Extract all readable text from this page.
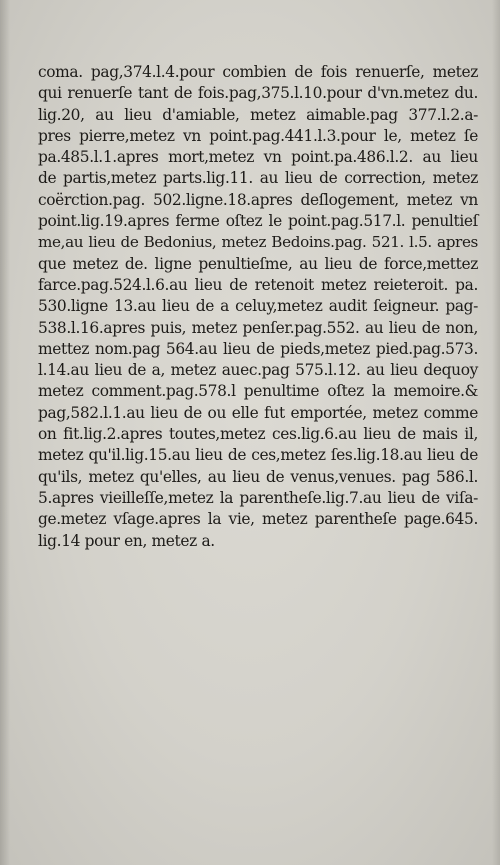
coma. pag,374.l.4.pour combien de fois renuerſe, metez
qui renuerſe tant de fois.pag,375.l.10.pour d'vn.metez du.
lig.20, au lieu d'amiable, metez aimable.pag 377.l.2.a-
pres pierre,metez vn point.pag.441.l.3.pour le, metez ſe
pa.485.l.1.apres mort,metez vn point.pa.486.l.2. au lieu
de partis,metez parts.lig.11. au lieu de correction, metez
coërction.pag. 502.ligne.18.apres deſlogement, metez vn
point.lig.19.apres ferme oſtez le point.pag.517.l. penultieſ
me,au lieu de Bedonius, metez Bedoins.pag. 521. l.5. apres
que metez de. ligne penultieſme, au lieu de force,mettez
farce.pag.524.l.6.au lieu de retenoit metez reieteroit. pa.
530.ligne 13.au lieu de a celuy,metez audit ſeigneur. pag-
538.l.16.apres puis, metez penſer.pag.552. au lieu de non,
mettez nom.pag 564.au lieu de pieds,metez pied.pag.573.
l.14.au lieu de a, metez auec.pag 575.l.12. au lieu dequoy
metez comment.pag.578.l penultime oſtez la memoire.&
pag,582.l.1.au lieu de ou elle fut emportée, metez comme
on fit.lig.2.apres toutes,metez ces.lig.6.au lieu de mais il,
metez qu'il.lig.15.au lieu de ces,metez ſes.lig.18.au lieu de
qu'ils, metez qu'elles, au lieu de venus,venues. pag 586.l.
5.apres vieilleſſe,metez la parentheſe.lig.7.au lieu de viſa-
ge.metez vſage.apres la vie, metez parentheſe page.645.
lig.14 pour en, metez a.
